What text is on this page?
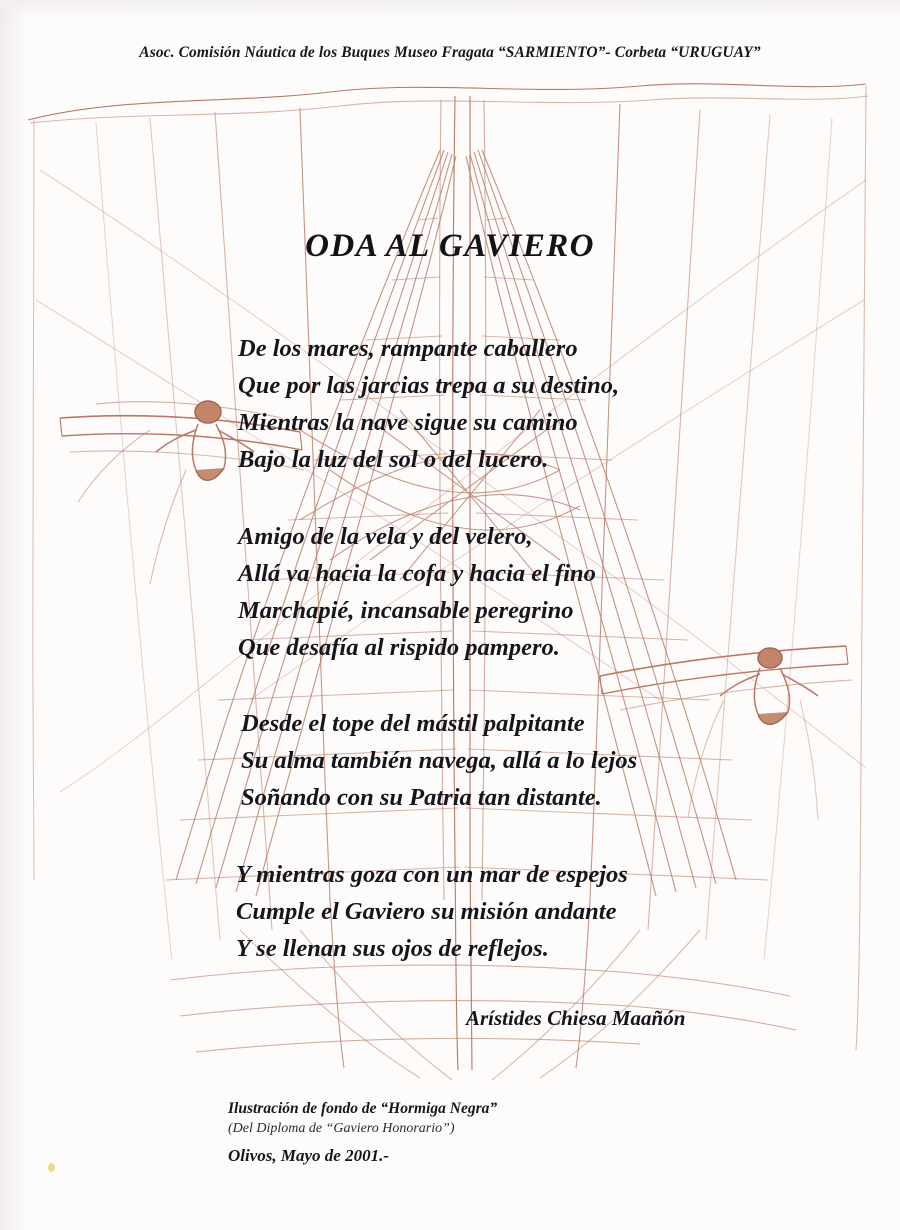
Asoc. Comisión Náutica de los Buques Museo Fragata “SARMIENTO”- Corbeta “URUGUAY”
ODA AL GAVIERO
De los mares, rampante caballero
Que por las jarcias trepa a su destino,
Mientras la nave sigue su camino
Bajo la luz del sol o del lucero.
Amigo de la vela y del velero,
Allá va hacia la cofa y hacia el fino
Marchapié, incansable peregrino
Que desafía al rispido pampero.
Desde el tope del mástil palpitante
Su alma también navega, allá a lo lejos
Soñando con su Patria tan distante.
Y mientras goza con un mar de espejos
Cumple el Gaviero su misión andante
Y se llenan sus ojos de reflejos.
Arístides Chiesa Maañón
Ilustración de fondo de “Hormiga Negra”
(Del Diploma de “Gaviero Honorario”)
Olivos, Mayo de 2001.-
